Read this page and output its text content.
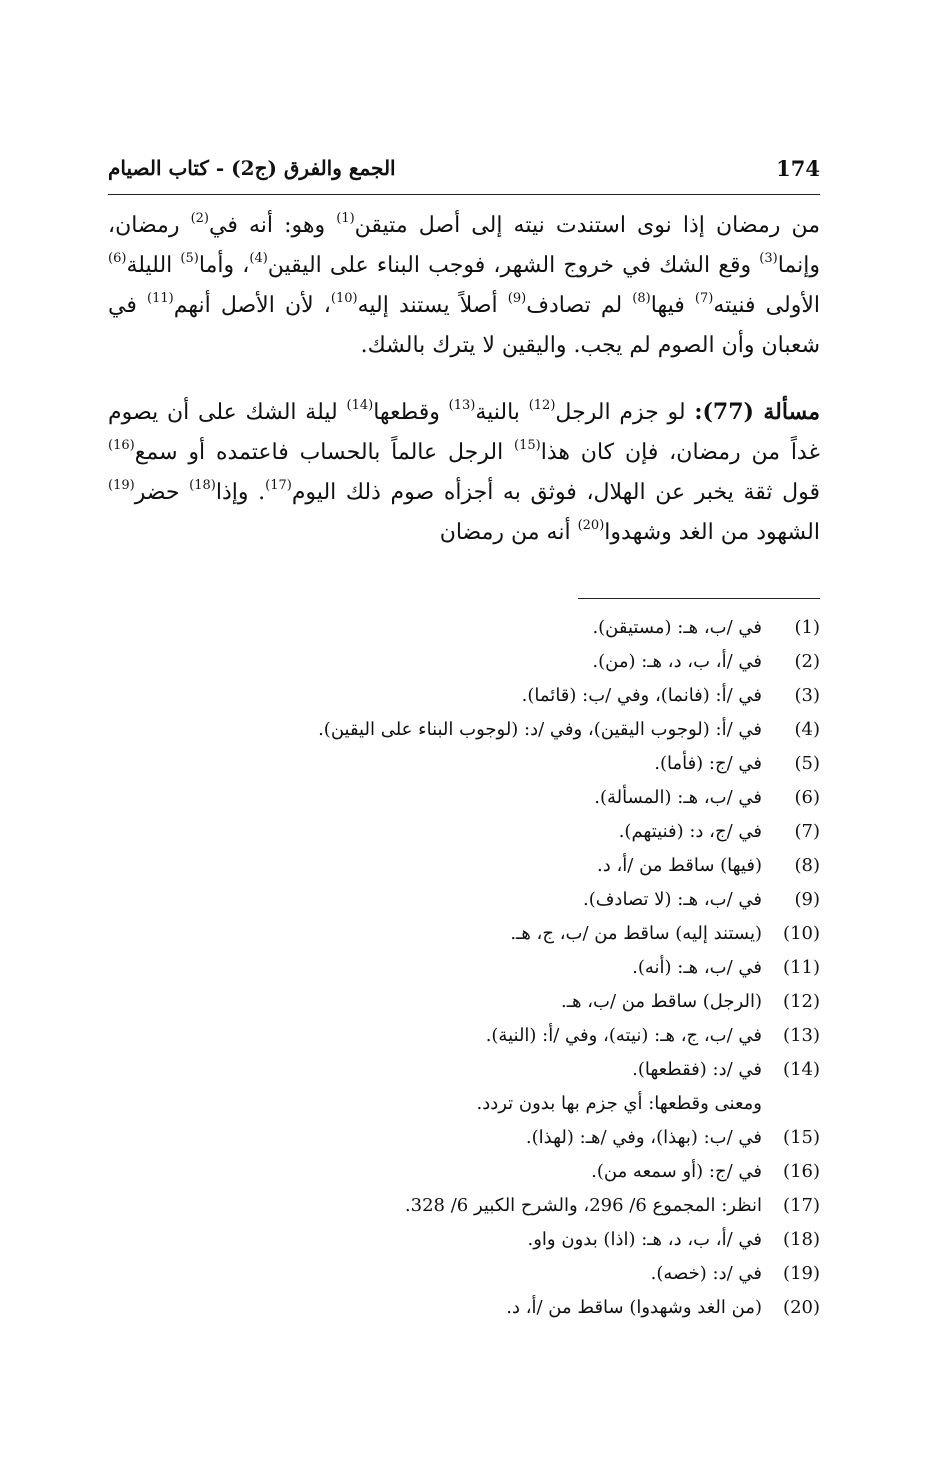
174
الجمع والفرق (ج2) - كتاب الصيام

من رمضان إذا نوى استندت نيته إلى أصل متيقن$^{(1)}$ وهو: أنه في$^{(2)}$ رمضان، وإنما$^{(3)}$ وقع الشك في خروج الشهر، فوجب البناء على اليقين$^{(4)}$، وأما$^{(5)}$ الليلة$^{(6)}$ الأولى فنيته$^{(7)}$ فيها$^{(8)}$ لم تصادف$^{(9)}$ أصلاً يستند إليه$^{(10)}$، لأن الأصل أنهم$^{(11)}$ في شعبان وأن الصوم لم يجب. واليقين لا يترك بالشك.

مسألة (77): لو جزم الرجل$^{(12)}$ بالنية$^{(13)}$ وقطعها$^{(14)}$ ليلة الشك على أن يصوم غداً من رمضان، فإن كان هذا$^{(15)}$ الرجل عالماً بالحساب فاعتمده أو سمع$^{(16)}$ قول ثقة يخبر عن الهلال، فوثق به أجزأه صوم ذلك اليوم$^{(17)}$. وإذا$^{(18)}$ حضر$^{(19)}$ الشهود من الغد وشهدوا$^{(20)}$ أنه من رمضان

(1)
في /ب، هـ: (مستيقن).
(2)
في /أ، ب، د، هـ: (من).
(3)
في /أ: (فانما)، وفي /ب: (قائما).
(4)
في /أ: (لوجوب اليقين)، وفي /د: (لوجوب البناء على اليقين).
(5)
في /ج: (فأما).
(6)
في /ب، هـ: (المسألة).
(7)
في /ج، د: (فنيتهم).
(8)
(فيها) ساقط من /أ، د.
(9)
في /ب، هـ: (لا تصادف).
(10)
(يستند إليه) ساقط من /ب، ج، هـ.
(11)
في /ب، هـ: (أنه).
(12)
(الرجل) ساقط من /ب، هـ.
(13)
في /ب، ج، هـ: (نيته)، وفي /أ: (النية).
(14)
في /د: (فقطعها).
ومعنى وقطعها: أي جزم بها بدون تردد.
(15)
في /ب: (بهذا)، وفي /هـ: (لهذا).
(16)
في /ج: (أو سمعه من).
(17)
انظر: المجموع 6/ 296، والشرح الكبير 6/ 328.
(18)
في /أ، ب، د، هـ: (اذا) بدون واو.
(19)
في /د: (خصه).
(20)
(من الغد وشهدوا) ساقط من /أ، د.
